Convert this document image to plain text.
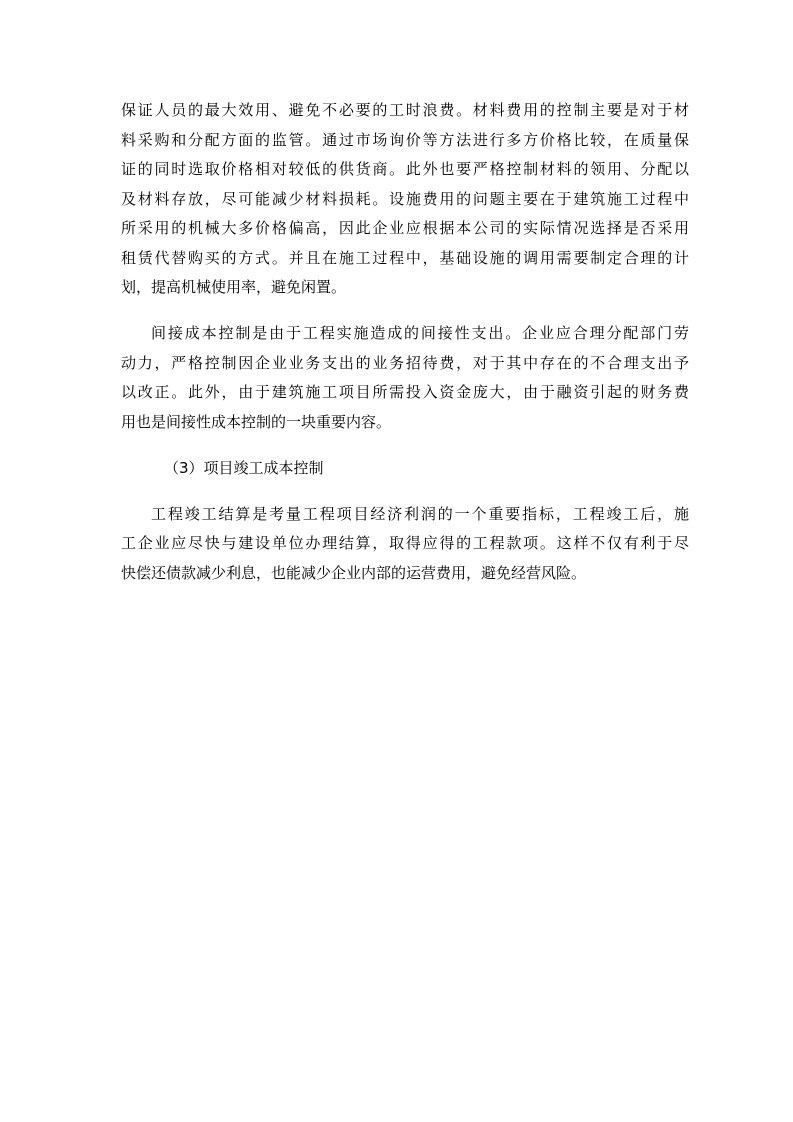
保证人员的最大效用、避免不必要的工时浪费。材料费用的控制主要是对于材
料采购和分配方面的监管。通过市场询价等方法进行多方价格比较，在质量保
证的同时选取价格相对较低的供货商。此外也要严格控制材料的领用、分配以
及材料存放，尽可能减少材料损耗。设施费用的问题主要在于建筑施工过程中
所采用的机械大多价格偏高，因此企业应根据本公司的实际情况选择是否采用
租赁代替购买的方式。并且在施工过程中，基础设施的调用需要制定合理的计
划，提高机械使用率，避免闲置。
间接成本控制是由于工程实施造成的间接性支出。企业应合理分配部门劳
动力，严格控制因企业业务支出的业务招待费，对于其中存在的不合理支出予
以改正。此外，由于建筑施工项目所需投入资金庞大，由于融资引起的财务费
用也是间接性成本控制的一块重要内容。
（3）项目竣工成本控制
工程竣工结算是考量工程项目经济利润的一个重要指标，工程竣工后，施
工企业应尽快与建设单位办理结算，取得应得的工程款项。这样不仅有利于尽
快偿还债款减少利息，也能减少企业内部的运营费用，避免经营风险。
